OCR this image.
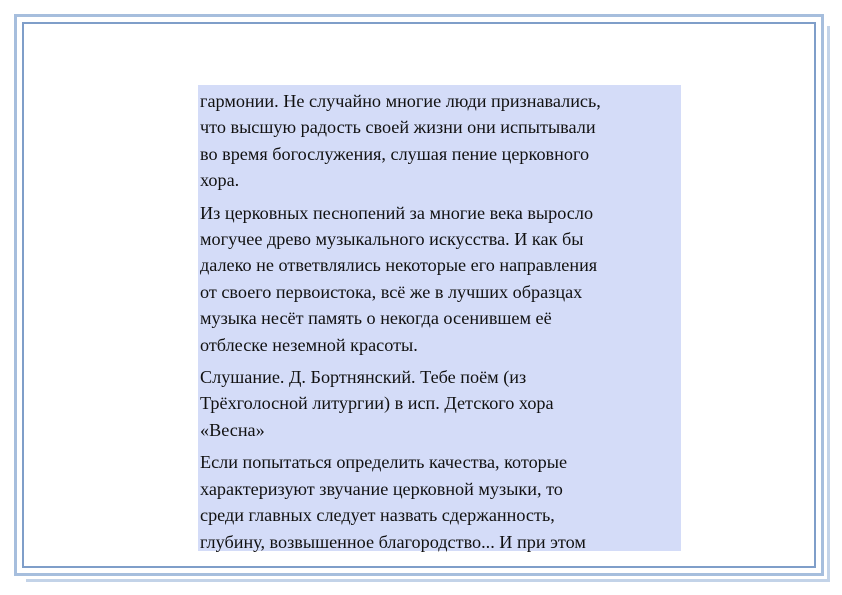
гармонии. Не случайно многие люди признавались,
что высшую радость своей жизни они испытывали
во время богослужения, слушая пение церковного
хора.

Из церковных песнопений за многие века выросло
могучее древо музыкального искусства. И как бы
далеко не ответвлялись некоторые его направления
от своего первоистока, всё же в лучших образцах
музыка несёт память о некогда осенившем её
отблеске неземной красоты.

Слушание. Д. Бортнянский. Тебе поём (из
Трёхголосной литургии) в исп. Детского хора
«Весна»

Если попытаться определить качества, которые
характеризуют звучание церковной музыки, то
среди главных следует назвать сдержанность,
глубину, возвышенное благородство... И при этом
